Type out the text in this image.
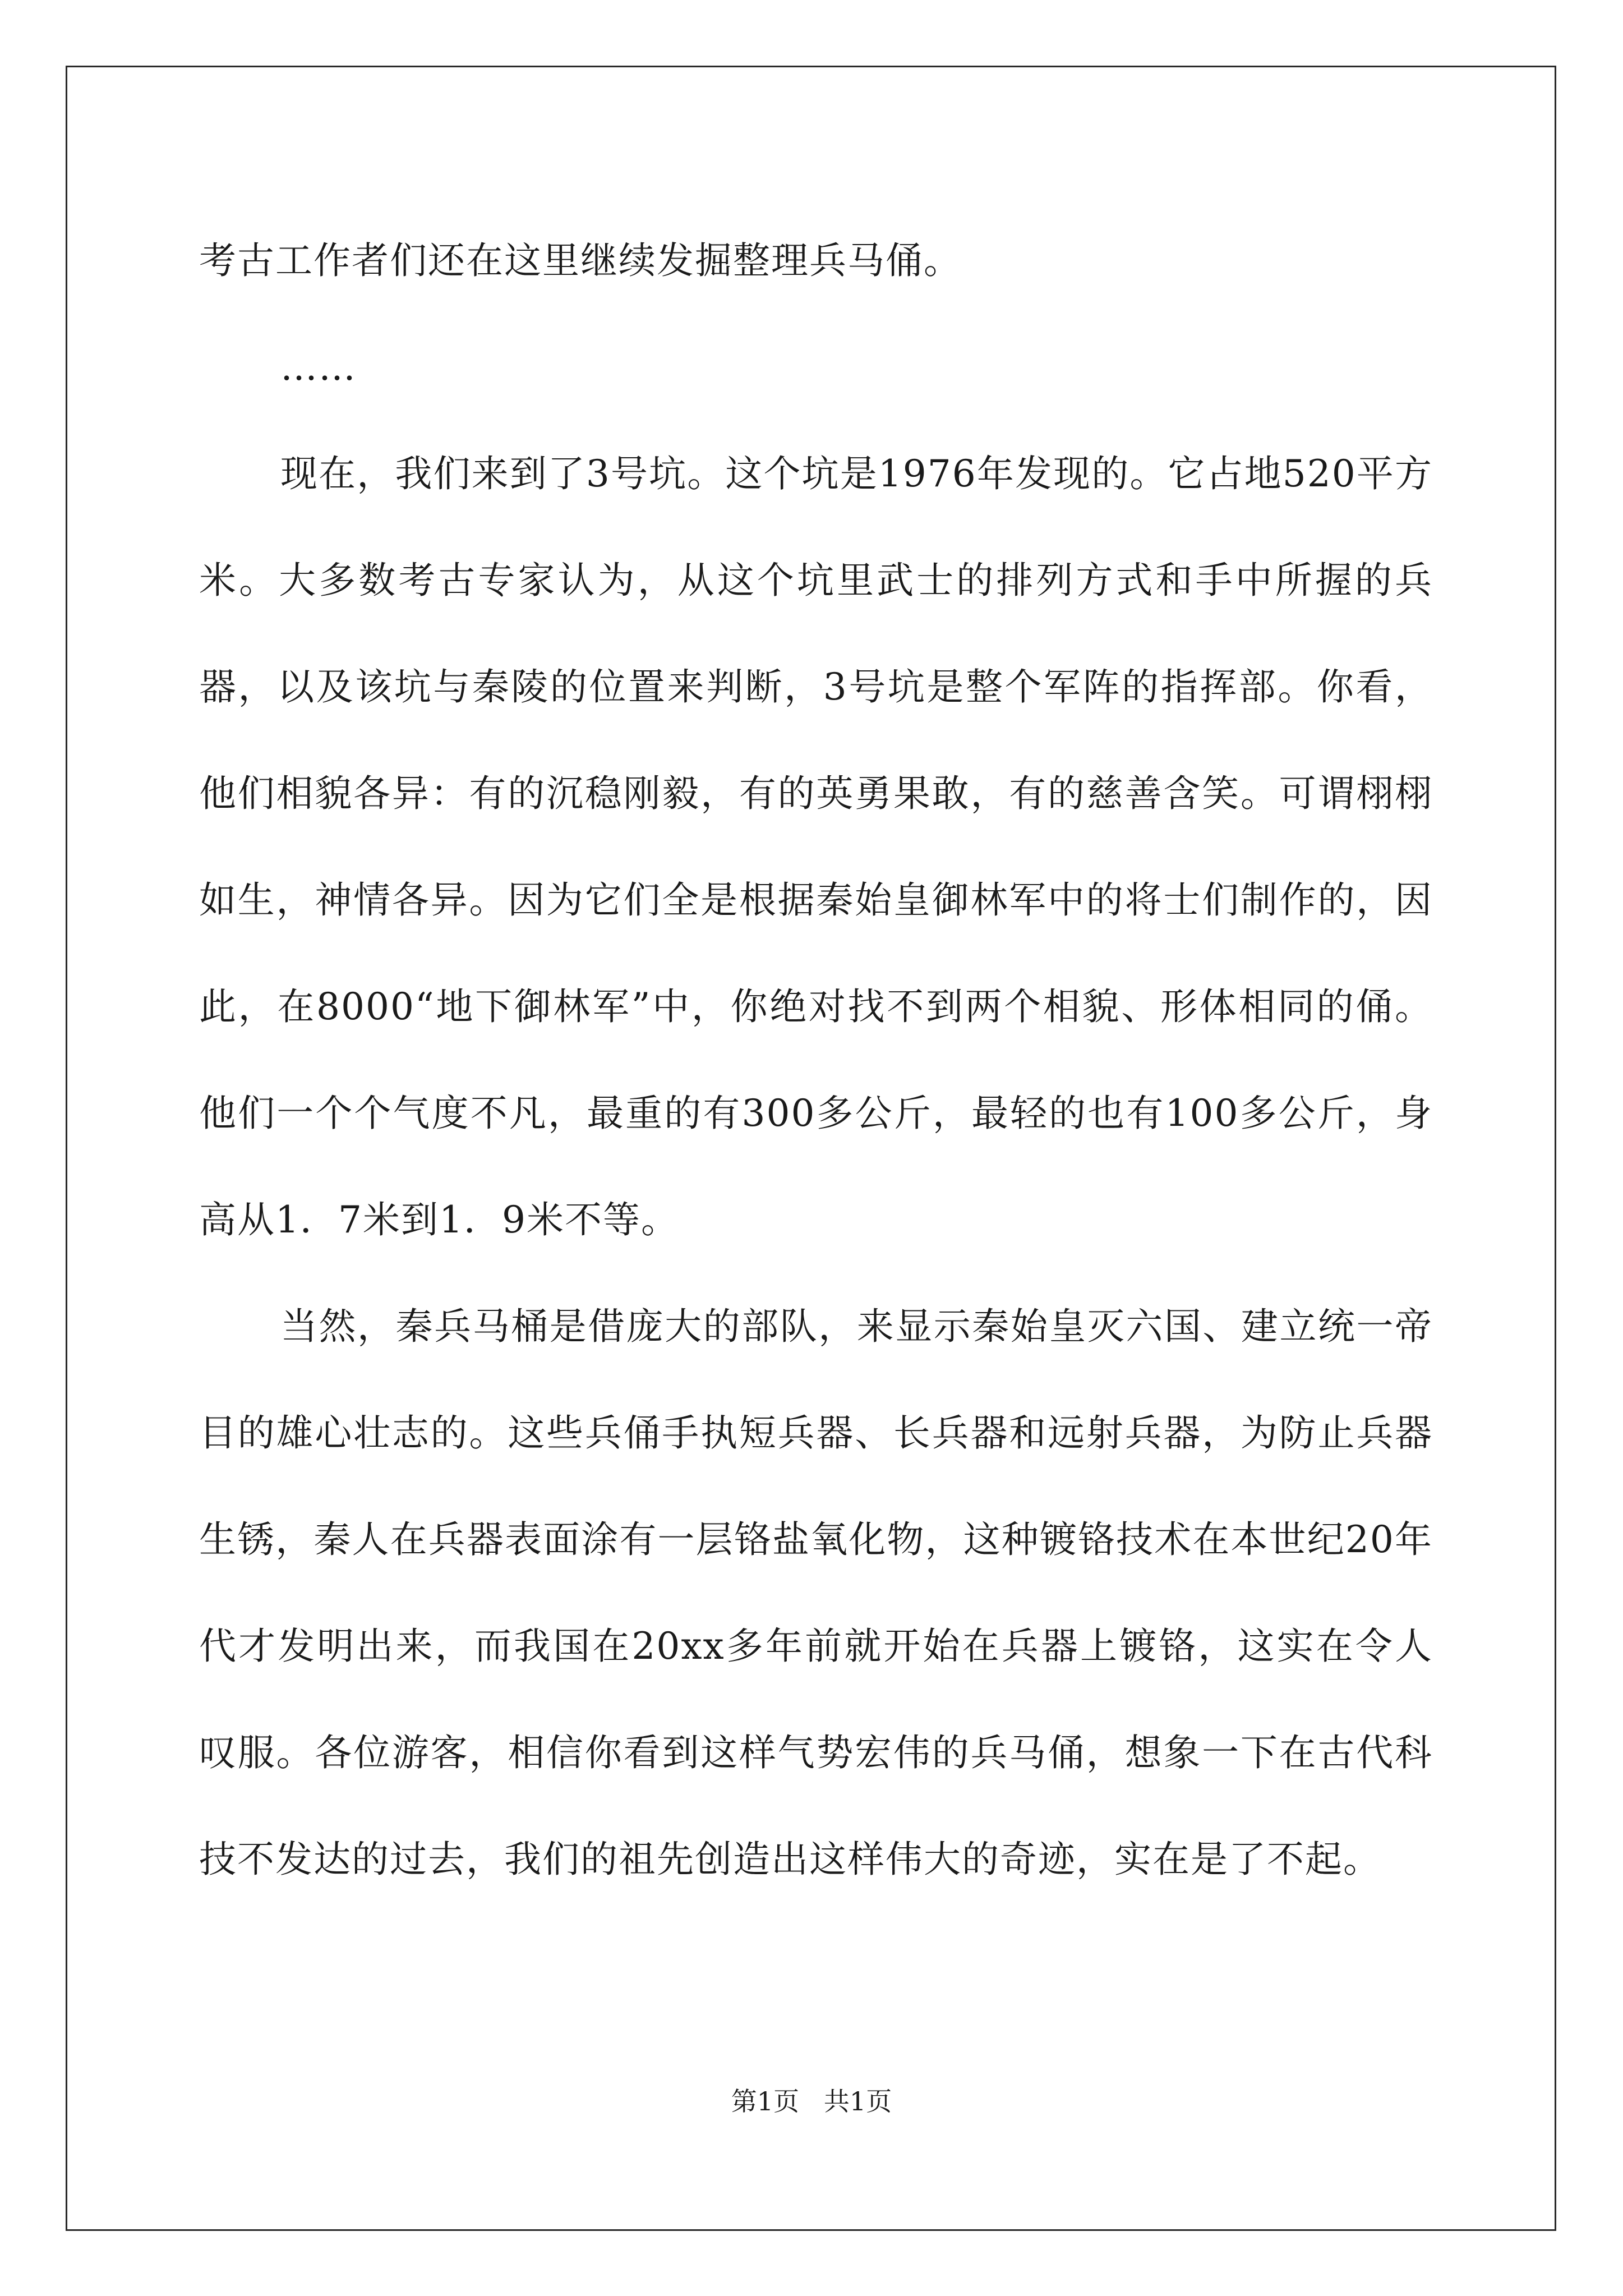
考古工作者们还在这里继续发掘整理兵马俑。

……

现在，我们来到了3号坑。这个坑是1976年发现的。它占地520平方米。大多数考古专家认为，从这个坑里武士的排列方式和手中所握的兵器，以及该坑与秦陵的位置来判断，3号坑是整个军阵的指挥部。你看，他们相貌各异：有的沉稳刚毅，有的英勇果敢，有的慈善含笑。可谓栩栩如生，神情各异。因为它们全是根据秦始皇御林军中的将士们制作的，因此，在8000“地下御林军”中，你绝对找不到两个相貌、形体相同的俑。他们一个个气度不凡，最重的有300多公斤，最轻的也有100多公斤，身高从1．7米到1．9米不等。

当然，秦兵马桶是借庞大的部队，来显示秦始皇灭六国、建立统一帝目的雄心壮志的。这些兵俑手执短兵器、长兵器和远射兵器，为防止兵器生锈，秦人在兵器表面涂有一层铬盐氧化物，这种镀铬技术在本世纪20年代才发明出来，而我国在20xx多年前就开始在兵器上镀铬，这实在令人叹服。各位游客，相信你看到这样气势宏伟的兵马俑，想象一下在古代科技不发达的过去，我们的祖先创造出这样伟大的奇迹，实在是了不起。

第1页   共1页
